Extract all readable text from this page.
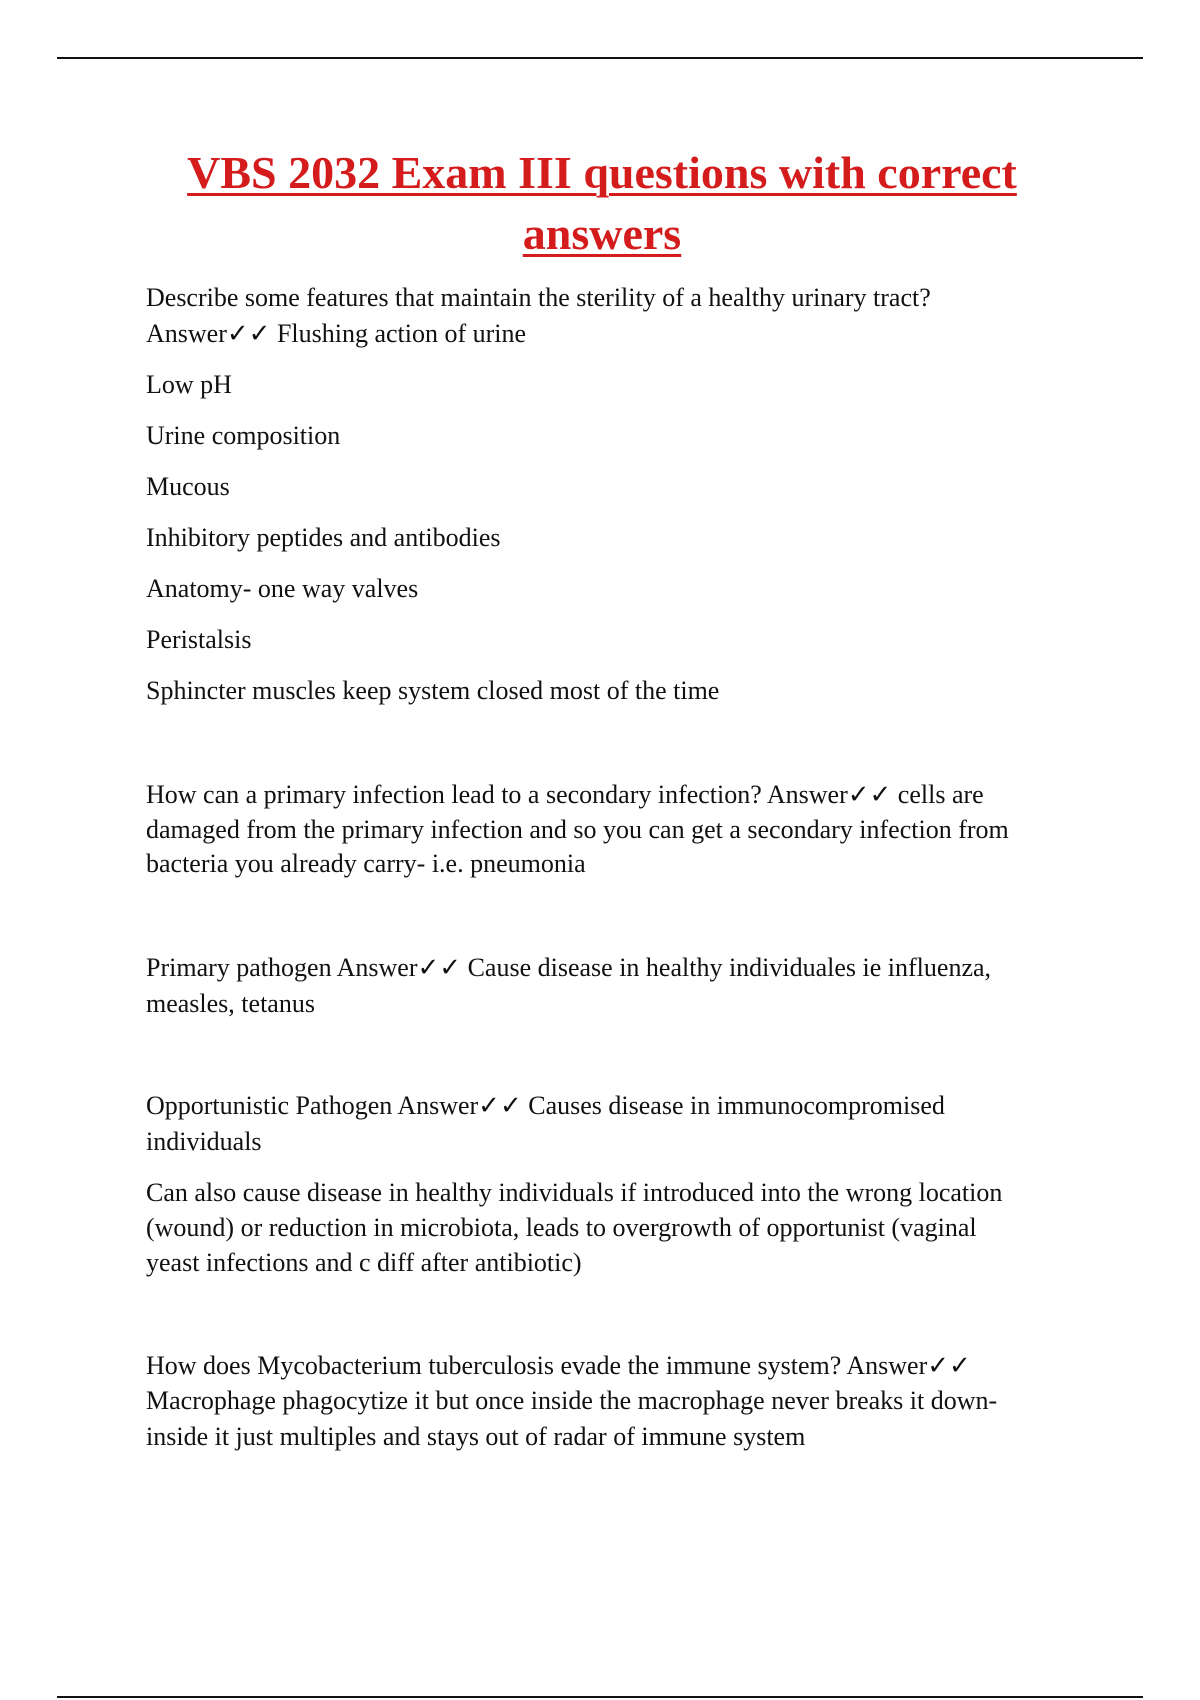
VBS 2032 Exam III questions with correct
answers

Describe some features that maintain the sterility of a healthy urinary tract?

Answer✓✓ Flushing action of urine

Low pH

Urine composition

Mucous

Inhibitory peptides and antibodies

Anatomy- one way valves

Peristalsis

Sphincter muscles keep system closed most of the time

How can a primary infection lead to a secondary infection? Answer✓✓ cells are

damaged from the primary infection and so you can get a secondary infection from

bacteria you already carry- i.e. pneumonia

Primary pathogen Answer✓✓ Cause disease in healthy individuales ie influenza,

measles, tetanus

Opportunistic Pathogen Answer✓✓ Causes disease in immunocompromised

individuals

Can also cause disease in healthy individuals if introduced into the wrong location

(wound) or reduction in microbiota, leads to overgrowth of opportunist (vaginal

yeast infections and c diff after antibiotic)

How does Mycobacterium tuberculosis evade the immune system? Answer✓✓

Macrophage phagocytize it but once inside the macrophage never breaks it down-

inside it just multiples and stays out of radar of immune system
